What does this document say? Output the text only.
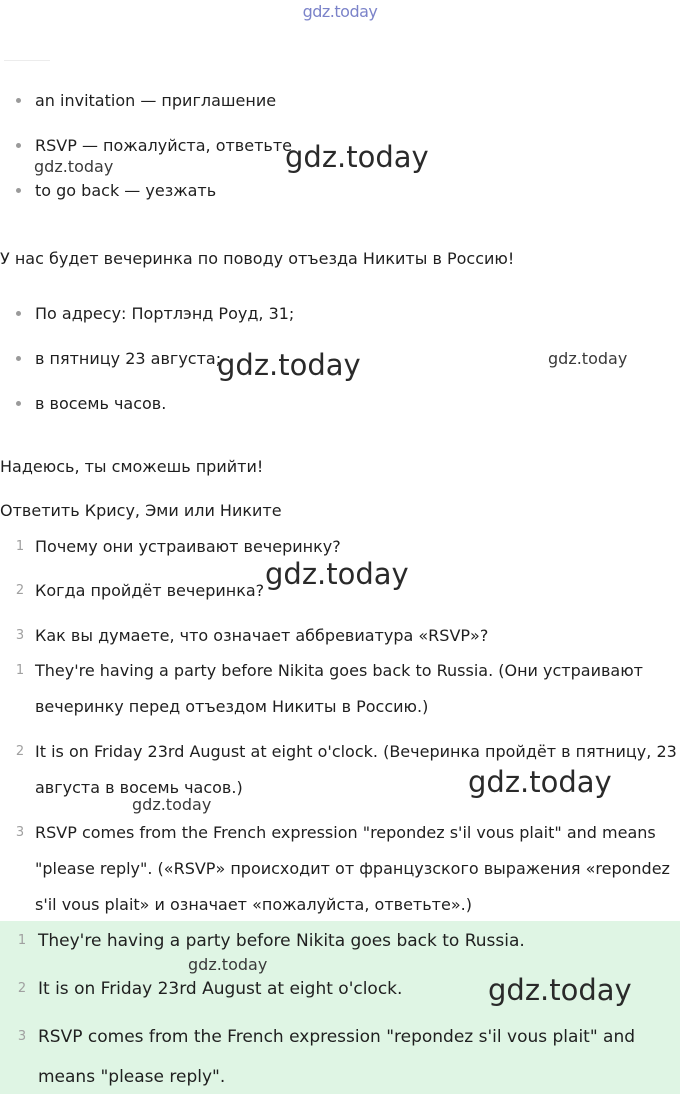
gdz.today
an invitation — приглашение
RSVP — пожалуйста, ответьте
to go back — уезжать
У нас будет вечеринка по поводу отъезда Никиты в Россию!
По адресу: Портлэнд Роуд, 31;
в пятницу 23 августа;
в восемь часов.
Надеюсь, ты сможешь прийти!
Ответить Крису, Эми или Никите
1 Почему они устраивают вечеринку?
2 Когда пройдёт вечеринка?
3 Как вы думаете, что означает аббревиатура «RSVP»?
1 They're having a party before Nikita goes back to Russia. (Они устраивают
вечеринку перед отъездом Никиты в Россию.)
2 It is on Friday 23rd August at eight o'clock. (Вечеринка пройдёт в пятницу, 23
августа в восемь часов.)
3 RSVP comes from the French expression "repondez s'il vous plait" and means
"please reply". («RSVP» происходит от французского выражения «repondez
s'il vous plait» и означает «пожалуйста, ответьте».)
1 They're having a party before Nikita goes back to Russia.
2 It is on Friday 23rd August at eight o'clock.
3 RSVP comes from the French expression "repondez s'il vous plait" and
means "please reply".
gdz.today	gdz.today
gdz.today	gdz.today
gdz.today
gdz.today
gdz.today
gdz.today
gdz.today
